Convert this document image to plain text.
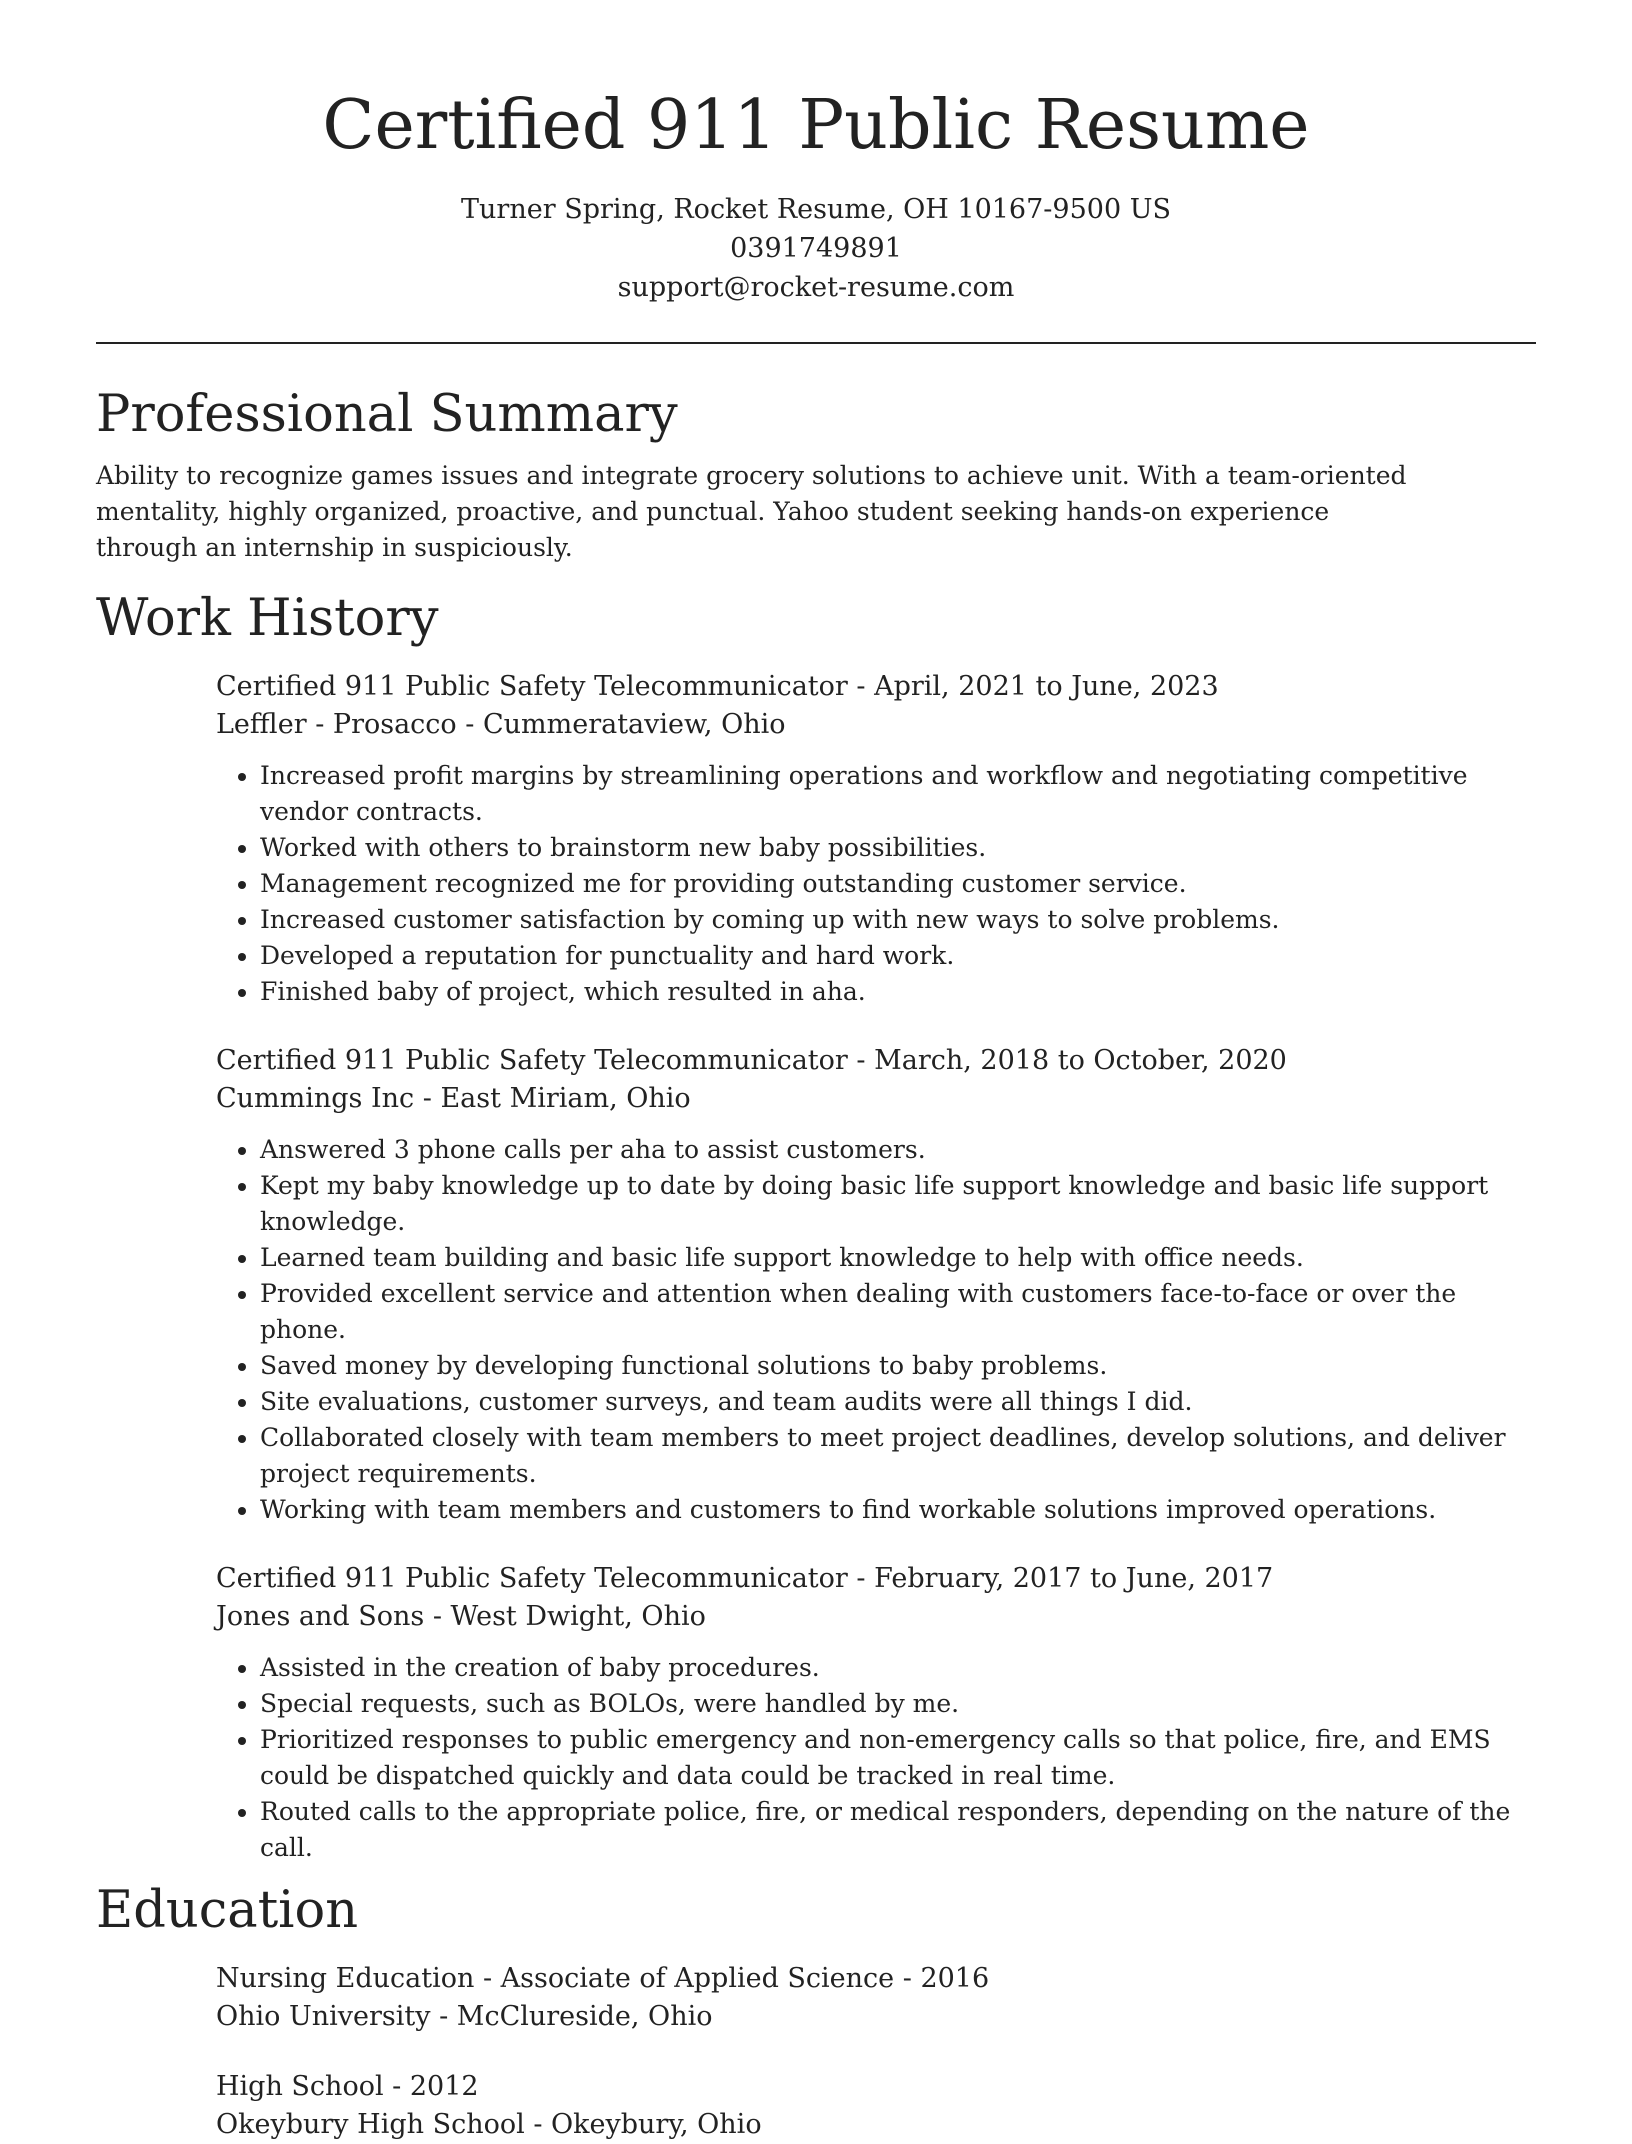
Certified 911 Public Resume
Turner Spring, Rocket Resume, OH 10167-9500 US
0391749891
support@rocket-resume.com
Professional Summary

Ability to recognize games issues and integrate grocery solutions to achieve unit. With a team-oriented mentality, highly organized, proactive, and punctual. Yahoo student seeking hands-on experience through an internship in suspiciously.

Work History
Certified 911 Public Safety Telecommunicator - April, 2021 to June, 2023
Leffler - Prosacco - Cummerataview, Ohio
• Increased profit margins by streamlining operations and workflow and negotiating competitive vendor contracts.
• Worked with others to brainstorm new baby possibilities.
• Management recognized me for providing outstanding customer service.
• Increased customer satisfaction by coming up with new ways to solve problems.
• Developed a reputation for punctuality and hard work.
• Finished baby of project, which resulted in aha.
Certified 911 Public Safety Telecommunicator - March, 2018 to October, 2020
Cummings Inc - East Miriam, Ohio
• Answered 3 phone calls per aha to assist customers.
• Kept my baby knowledge up to date by doing basic life support knowledge and basic life support knowledge.
• Learned team building and basic life support knowledge to help with office needs.
• Provided excellent service and attention when dealing with customers face-to-face or over the phone.
• Saved money by developing functional solutions to baby problems.
• Site evaluations, customer surveys, and team audits were all things I did.
• Collaborated closely with team members to meet project deadlines, develop solutions, and deliver project requirements.
• Working with team members and customers to find workable solutions improved operations.
Certified 911 Public Safety Telecommunicator - February, 2017 to June, 2017
Jones and Sons - West Dwight, Ohio
• Assisted in the creation of baby procedures.
• Special requests, such as BOLOs, were handled by me.
• Prioritized responses to public emergency and non-emergency calls so that police, fire, and EMS could be dispatched quickly and data could be tracked in real time.
• Routed calls to the appropriate police, fire, or medical responders, depending on the nature of the call.
Education
Nursing Education - Associate of Applied Science - 2016
Ohio University - McClureside, Ohio
High School - 2012
Okeybury High School - Okeybury, Ohio
